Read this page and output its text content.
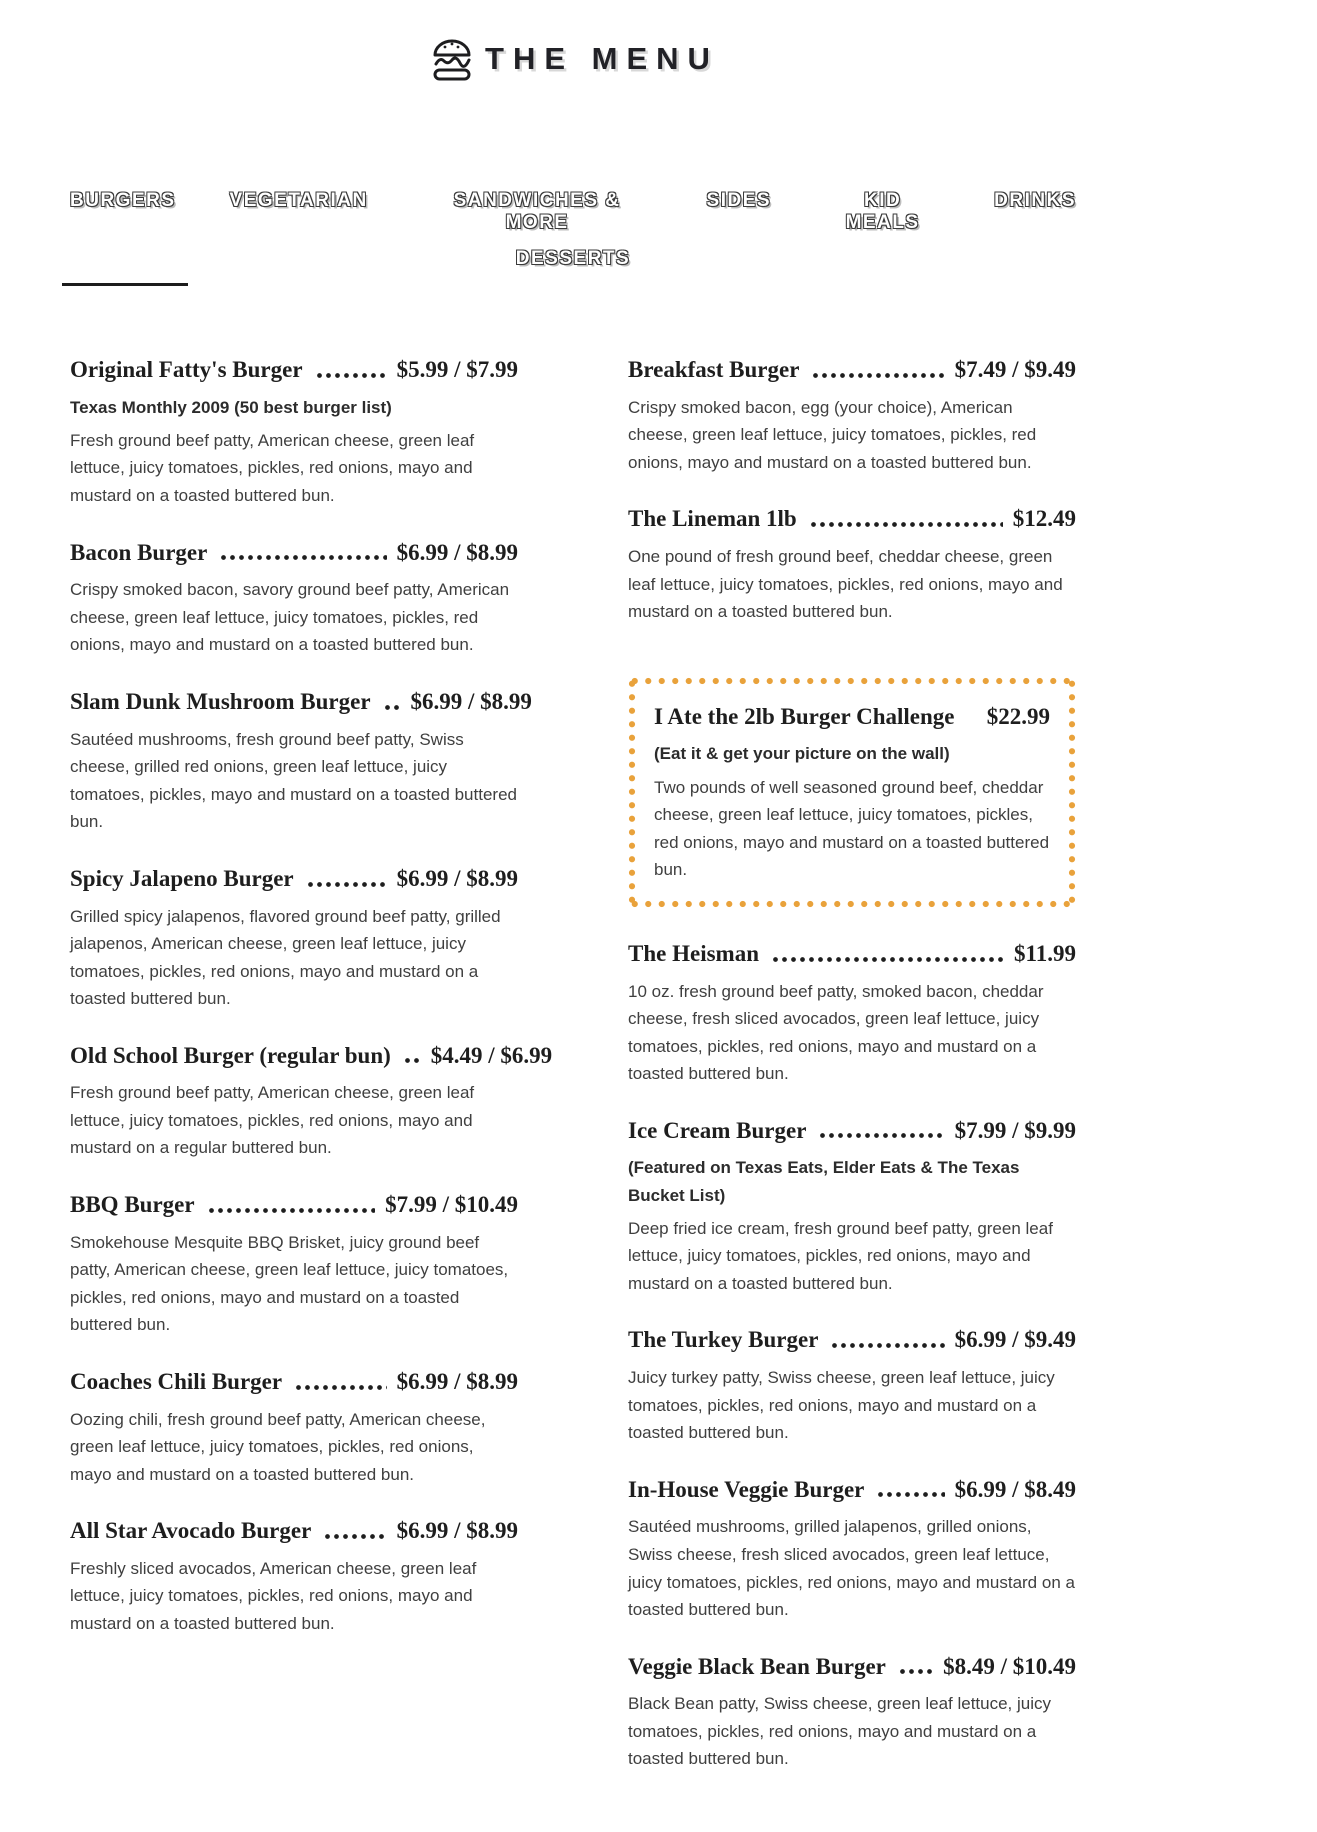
THE MENU
BURGERS	VEGETARIAN	SANDWICHES & MORE
SIDES	KID MEALS
DRINKS
DESSERTS
Original Fatty's Burger	$5.99 / $7.99
Texas Monthly 2009 (50 best burger list)
Fresh ground beef patty, American cheese, green leaf lettuce, juicy tomatoes, pickles, red onions, mayo and mustard on a toasted buttered bun.
Bacon Burger	$6.99 / $8.99
Crispy smoked bacon, savory ground beef patty, American cheese, green leaf lettuce, juicy tomatoes, pickles, red onions, mayo and mustard on a toasted buttered bun.
Slam Dunk Mushroom Burger $6.99 / $8.99
Sautéed mushrooms, fresh ground beef patty, Swiss cheese, grilled red onions, green leaf lettuce, juicy tomatoes, pickles, mayo and mustard on a toasted buttered bun.
Spicy Jalapeno Burger	$6.99 / $8.99
Grilled spicy jalapenos, flavored ground beef patty, grilled jalapenos, American cheese, green leaf lettuce, juicy tomatoes, pickles, red onions, mayo and mustard on a toasted buttered bun.
Old School Burger (regular bun) $4.49 / $6.99
Fresh ground beef patty, American cheese, green leaf lettuce, juicy tomatoes, pickles, red onions, mayo and mustard on a regular buttered bun.
BBQ Burger	$7.99 / $10.49
Smokehouse Mesquite BBQ Brisket, juicy ground beef patty, American cheese, green leaf lettuce, juicy tomatoes, pickles, red onions, mayo and mustard on a toasted buttered bun.
Coaches Chili Burger	$6.99 / $8.99
Oozing chili, fresh ground beef patty, American cheese, green leaf lettuce, juicy tomatoes, pickles, red onions, mayo and mustard on a toasted buttered bun.
All Star Avocado Burger	$6.99 / $8.99
Freshly sliced avocados, American cheese, green leaf lettuce, juicy tomatoes, pickles, red onions, mayo and mustard on a toasted buttered bun.
Breakfast Burger	$7.49 / $9.49
Crispy smoked bacon, egg (your choice), American cheese, green leaf lettuce, juicy tomatoes, pickles, red onions, mayo and mustard on a toasted buttered bun.
The Lineman 1lb	$12.49
One pound of fresh ground beef, cheddar cheese, green leaf lettuce, juicy tomatoes, pickles, red onions, mayo and mustard on a toasted buttered bun.
I Ate the 2lb Burger Challenge $22.99
(Eat it & get your picture on the wall)
Two pounds of well seasoned ground beef, cheddar cheese, green leaf lettuce, juicy tomatoes, pickles, red onions, mayo and mustard on a toasted buttered bun.
The Heisman	$11.99
10 oz. fresh ground beef patty, smoked bacon, cheddar cheese, fresh sliced avocados, green leaf lettuce, juicy tomatoes, pickles, red onions, mayo and mustard on a toasted buttered bun.
Ice Cream Burger	$7.99 / $9.99
(Featured on Texas Eats, Elder Eats & The Texas Bucket List)
Deep fried ice cream, fresh ground beef patty, green leaf lettuce, juicy tomatoes, pickles, red onions, mayo and mustard on a toasted buttered bun.
The Turkey Burger	$6.99 / $9.49
Juicy turkey patty, Swiss cheese, green leaf lettuce, juicy tomatoes, pickles, red onions, mayo and mustard on a toasted buttered bun.
In-House Veggie Burger	$6.99 / $8.49
Sautéed mushrooms, grilled jalapenos, grilled onions, Swiss cheese, fresh sliced avocados, green leaf lettuce, juicy tomatoes, pickles, red onions, mayo and mustard on a toasted buttered bun.
Veggie Black Bean Burger $8.49 / $10.49
Black Bean patty, Swiss cheese, green leaf lettuce, juicy tomatoes, pickles, red onions, mayo and mustard on a toasted buttered bun.
